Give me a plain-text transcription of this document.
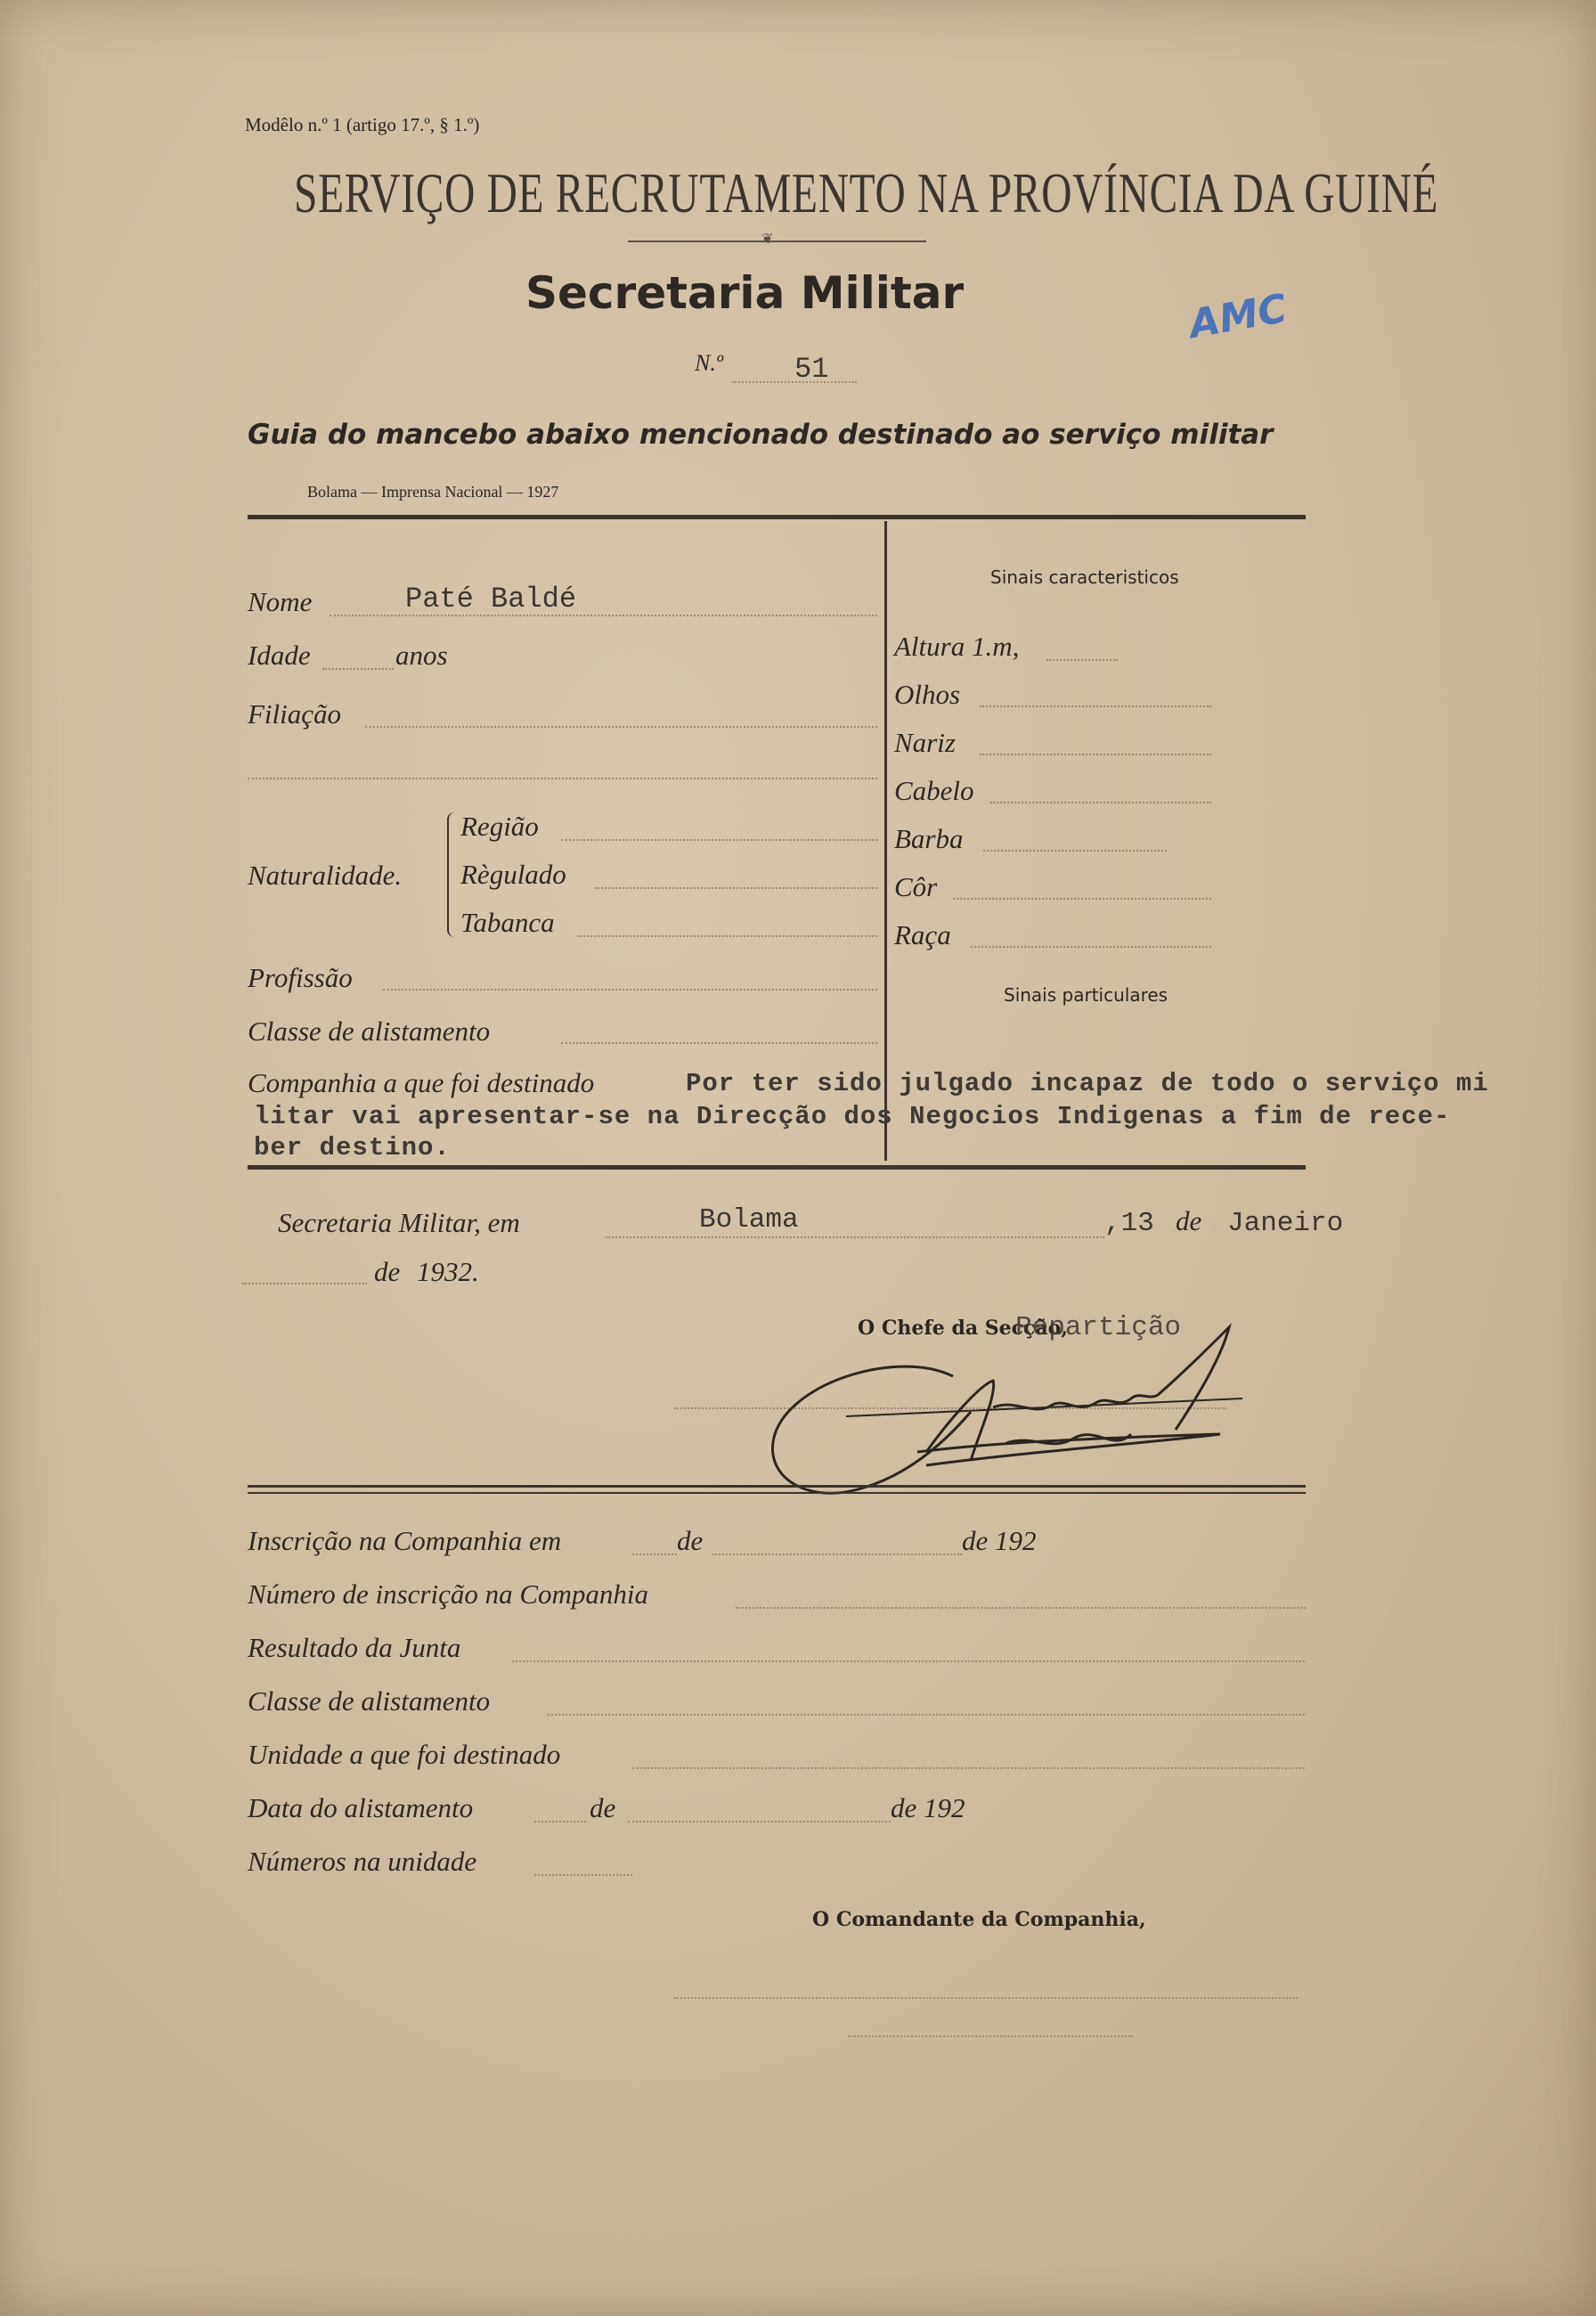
Modêlo n.º 1 (artigo 17.º, § 1.º)
SERVIÇO DE RECRUTAMENTO NA PROVÍNCIA DA GUINÉ
❦
Secretaria Militar
N.º	51
AMC
Guia do mancebo abaixo mencionado destinado ao serviço militar
Bolama — Imprensa Nacional — 1927
Nome	Paté Baldé
Idade	anos
Filiação
Naturalidade.
Região
Règulado
Tabanca
Profissão
Classe de alistamento
Companhia a que foi destinado	Por ter sido julgado incapaz de todo o serviço mi
litar vai apresentar-se na Direcção dos Negocios Indigenas a fim de rece-
ber destino.
Sinais caracteristicos
Altura 1.m,
Olhos
Nariz
Cabelo
Barba
Côr
Raça
Sinais particulares
Secretaria Militar, em	Bolama	,13 de Janeiro
de 1932.
O Chefe da Secção,
Repartição
Inscrição na Companhia em	de	de 192
Número de inscrição na Companhia
Resultado da Junta
Classe de alistamento
Unidade a que foi destinado
Data do alistamento	de	de 192
Números na unidade
O Comandante da Companhia,
